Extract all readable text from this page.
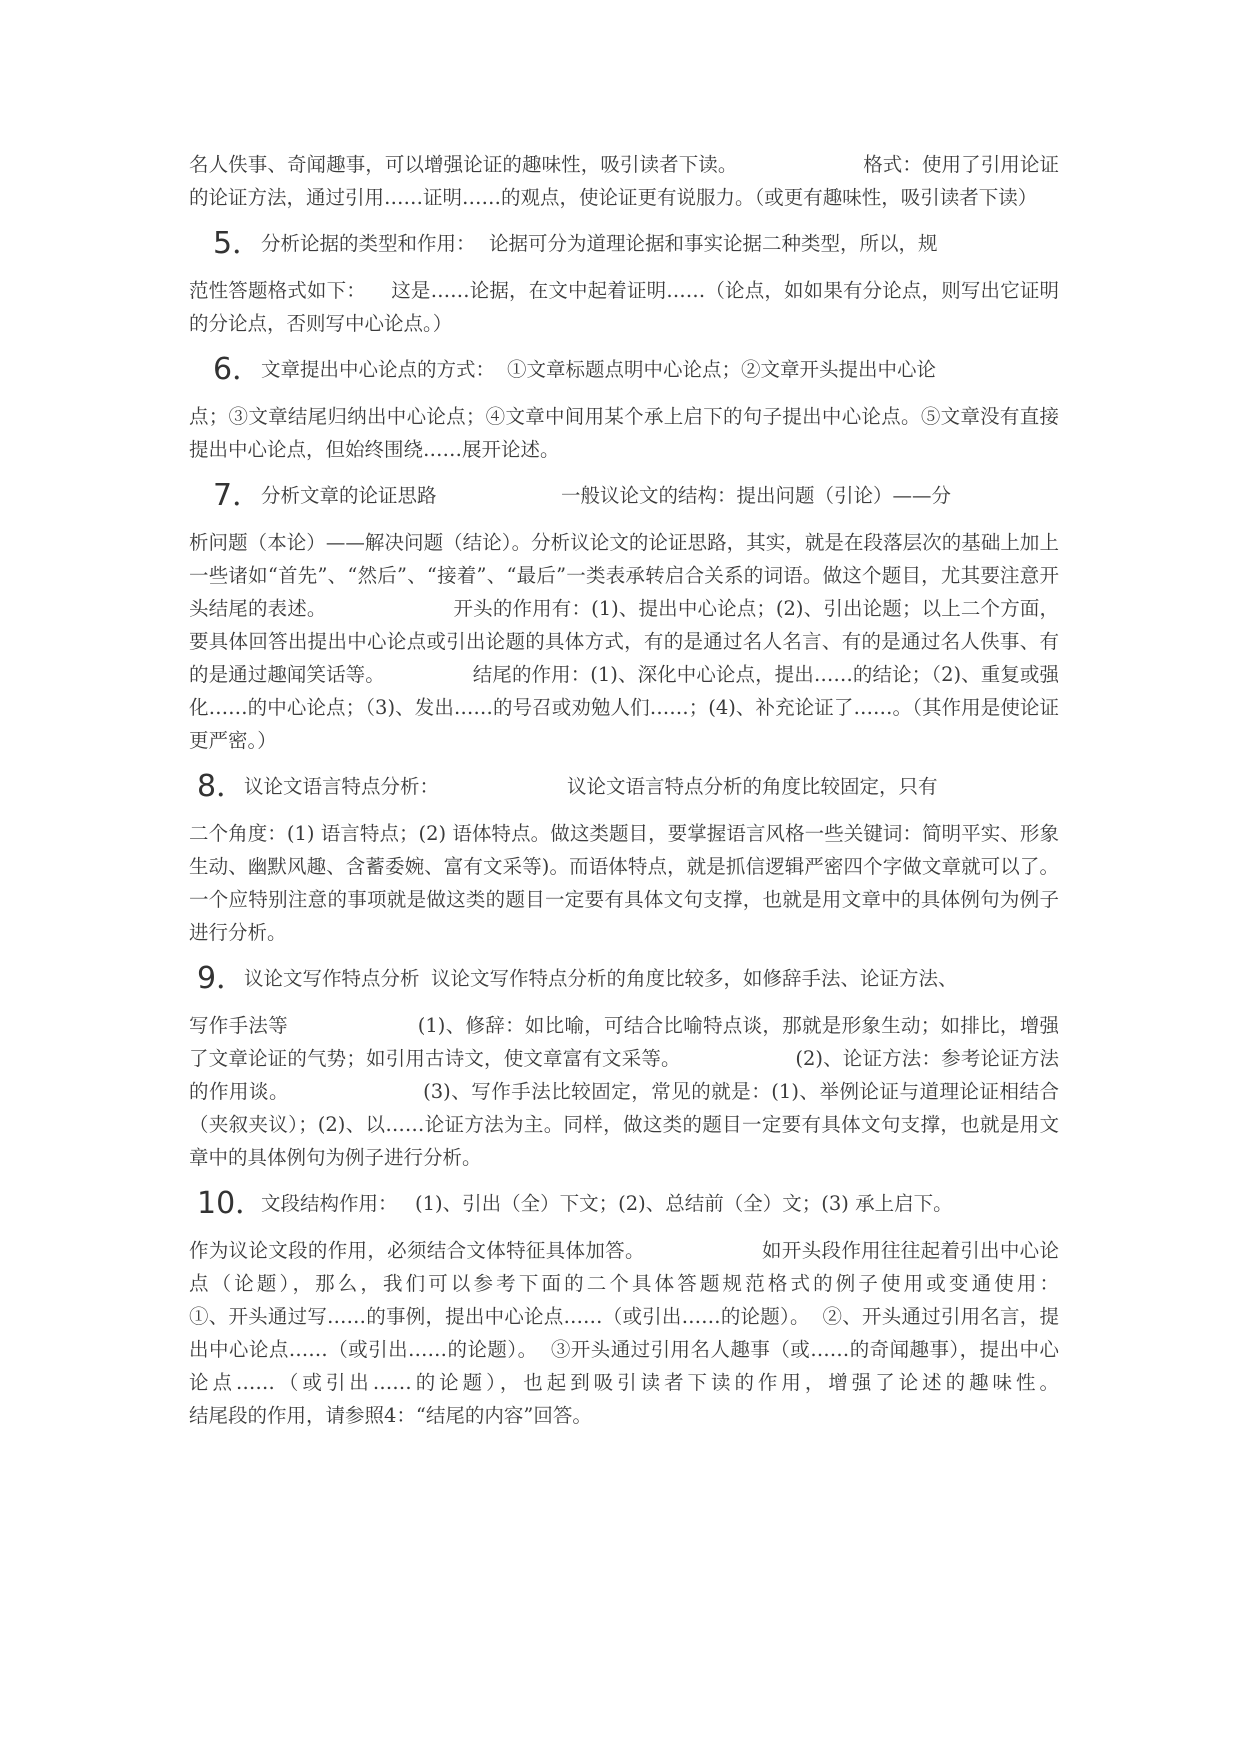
名人佚事、奇闻趣事，可以增强论证的趣味性，吸引读者下读。                    格式：使用了引用论证的论证方法，通过引用……证明……的观点，使论证更有说服力。（或更有趣味性，吸引读者下读）

5．

分析论据的类型和作用：

论据可分为道理论据和事实论据二种类型，所以，规

范性答题格式如下：    这是……论据，在文中起着证明……（论点，如如果有分论点，则写出它证明的分论点，否则写中心论点。）

6．

文章提出中心论点的方式：

①文章标题点明中心论点；②文章开头提出中心论

点；③文章结尾归纳出中心论点；④文章中间用某个承上启下的句子提出中心论点。⑤文章没有直接提出中心论点，但始终围绕……展开论述。

7．

分析文章的论证思路

	一般议论文的结构：提出问题（引论）——分

析问题（本论）——解决问题（结论）。分析议论文的论证思路，其实，就是在段落层次的基础上加上一些诸如“首先”、“然后”、“接着”、“最后”一类表承转启合关系的词语。做这个题目，尤其要注意开头结尾的表述。                    开头的作用有：(1)、提出中心论点；(2)、引出论题；以上二个方面，要具体回答出提出中心论点或引出论题的具体方式，有的是通过名人名言、有的是通过名人佚事、有的是通过趣闻笑话等。              结尾的作用：(1)、深化中心论点，提出……的结论；（2)、重复或强化……的中心论点；（3)、发出……的号召或劝勉人们……；(4)、补充论证了……。（其作用是使论证更严密。）

8．

议论文语言特点分析：

	议论文语言特点分析的角度比较固定，只有

二个角度：(1) 语言特点；(2) 语体特点。做这类题目，要掌握语言风格一些关键词：简明平实、形象生动、幽默风趣、含蓄委婉、富有文采等)。而语体特点，就是抓信逻辑严密四个字做文章就可以了。一个应特别注意的事项就是做这类的题目一定要有具体文句支撑，也就是用文章中的具体例句为例子进行分析。

9．

议论文写作特点分析

议论文写作特点分析的角度比较多，如修辞手法、论证方法、

写作手法等                    (1)、修辞：如比喻，可结合比喻特点谈，那就是形象生动；如排比，增强了文章论证的气势；如引用古诗文，使文章富有文采等。                  (2)、论证方法：参考论证方法的作用谈。                    (3)、写作手法比较固定，常见的就是：(1)、举例论证与道理论证相结合（夹叙夹议）；(2)、以……论证方法为主。同样，做这类的题目一定要有具体文句支撑，也就是用文章中的具体例句为例子进行分析。

10．

文段结构作用：

(1)、引出（全）下文；(2)、总结前（全）文；(3) 承上启下。

作为议论文段的作用，必须结合文体特征具体加答。                  如开头段作用往往起着引出中心论点（论题），那么，我们可以参考下面的二个具体答题规范格式的例子使用或变通使用：                    ①、开头通过写……的事例，提出中心论点……（或引出……的论题）。  ②、开头通过引用名言，提出中心论点……（或引出……的论题）。  ③开头通过引用名人趣事（或……的奇闻趣事），提出中心论点……（或引出……的论题），也起到吸引读者下读的作用，增强了论述的趣味性。                    结尾段的作用，请参照4：“结尾的内容”回答。
